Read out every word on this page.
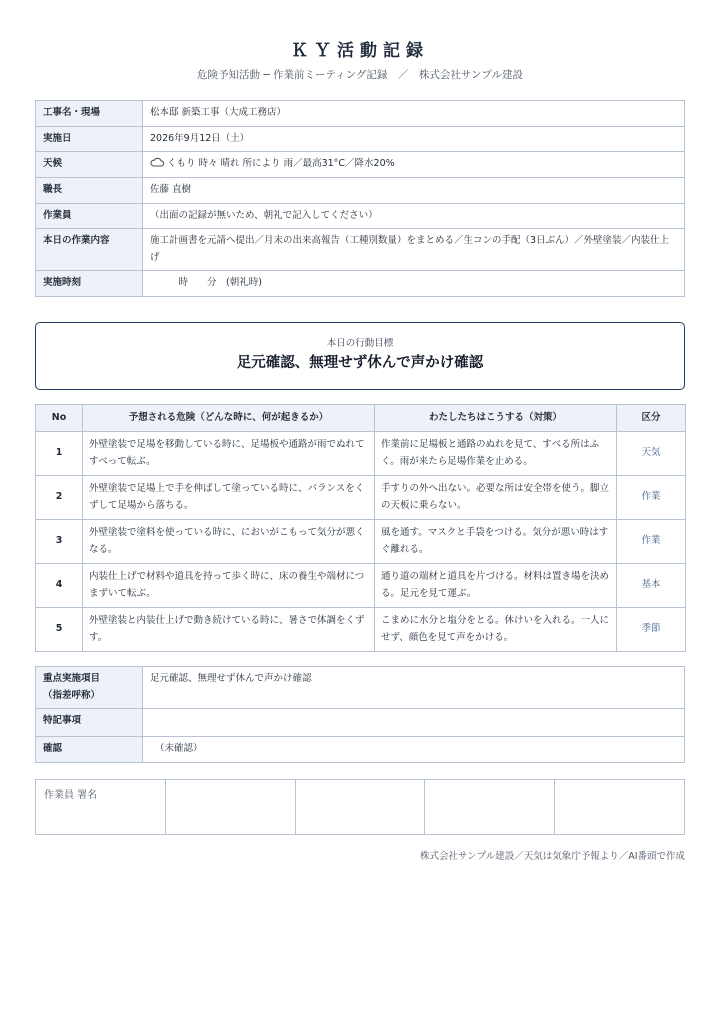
ＫＹ活動記録
危険予知活動 ─ 作業前ミーティング記録　／　株式会社サンプル建設
工事名・現場	松本邸 新築工事（大成工務店）
実施日	2026年9月12日（土）
天候	くもり 時々 晴れ 所により 雨／最高31°C／降水20%
職長	佐藤 直樹
作業員	（出面の記録が無いため、朝礼で記入してください）
本日の作業内容	施工計画書を元請へ提出／月末の出来高報告（工種別数量）をまとめる／生コンの手配（3日ぶん）／外壁塗装／内装仕上げ
実施時刻	　　　時　　分　(朝礼時)
本日の行動目標
足元確認、無理せず休んで声かけ確認
No	予想される危険（どんな時に、何が起きるか）	わたしたちはこうする（対策）	区分
1	外壁塗装で足場を移動している時に、足場板や通路が雨でぬれてすべって転ぶ。	作業前に足場板と通路のぬれを見て、すべる所はふく。雨が来たら足場作業を止める。	天気
2	外壁塗装で足場上で手を伸ばして塗っている時に、バランスをくずして足場から落ちる。	手すりの外へ出ない。必要な所は安全帯を使う。脚立の天板に乗らない。	作業
3	外壁塗装で塗料を使っている時に、においがこもって気分が悪くなる。	風を通す。マスクと手袋をつける。気分が悪い時はすぐ離れる。	作業
4	内装仕上げで材料や道具を持って歩く時に、床の養生や端材につまずいて転ぶ。	通り道の端材と道具を片づける。材料は置き場を決める。足元を見て運ぶ。	基本
5	外壁塗装と内装仕上げで動き続けている時に、暑さで体調をくずす。	こまめに水分と塩分をとる。休けいを入れる。一人にせず、顔色を見て声をかける。	季節
重点実施項目
（指差呼称）	足元確認、無理せず休んで声かけ確認
特記事項	
確認	（未確認）
作業員 署名				
株式会社サンプル建設／天気は気象庁予報より／AI番頭で作成
